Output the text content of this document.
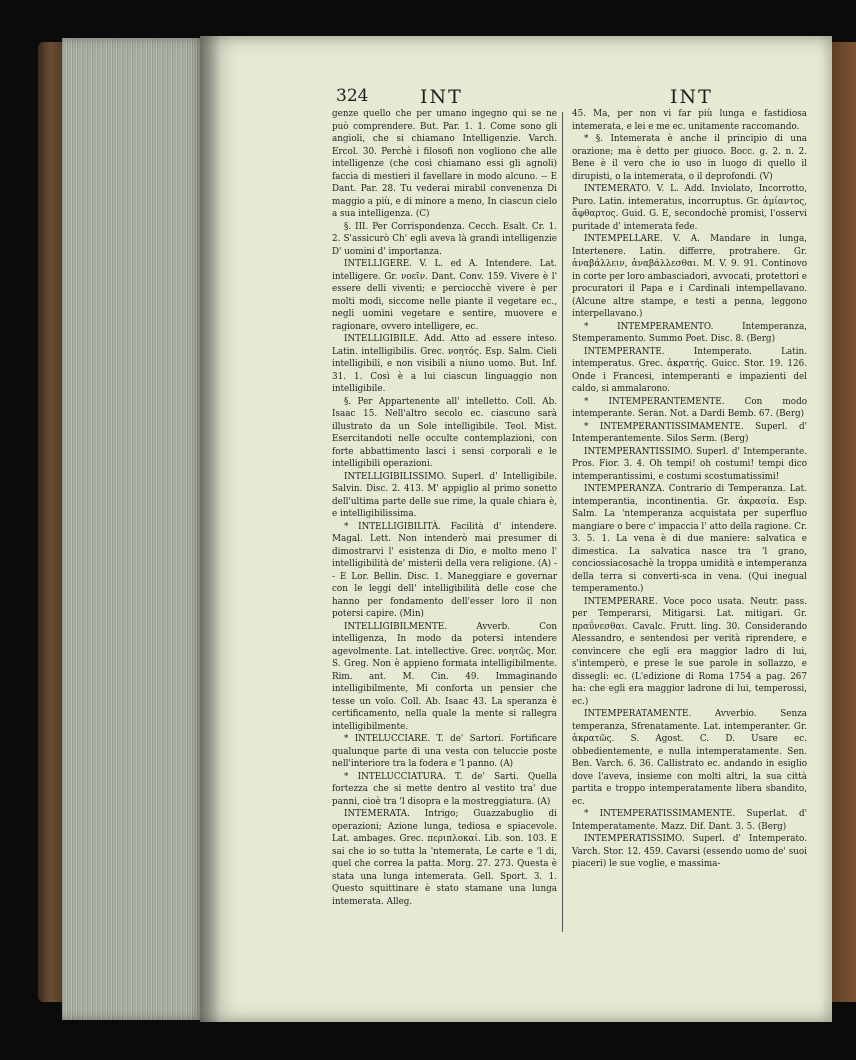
324	INT	INT

genze quello che per umano ingegno qui se ne può comprendere. But. Par. 1. 1. Come sono gli angioli, che si chiamano Intelligenzie. Varch. Ercol. 30. Perchè i filosofi non vogliono che alle intelligenze (che così chiamano essi gli agnoli) faccia di mestieri il favellare in modo alcuno. -- E Dant. Par. 28. Tu vederai mirabil convenenza Di maggio a più, e di minore a meno, In ciascun cielo a sua intelligenza. (C)

§. III. Per Corrispondenza. Cecch. Esalt. Cr. 1. 2. S'assicurò Ch' egli aveva là grandi intelligenzie D' uomini d' importanza.

INTELLIGERE. V. L. ed A. Intendere. Lat. intelligere. Gr. νοεῖν. Dant. Conv. 159. Vivere è l' essere delli viventi; e perciocchè vivere è per molti modi, siccome nelle piante il vegetare ec., negli uomini vegetare e sentire, muovere e ragionare, ovvero intelligere, ec.

INTELLIGIBILE. Add. Atto ad essere inteso. Latin. intelligibilis. Grec. νοητός. Esp. Salm. Cieli intelligibili, e non visibili a niuno uomo. But. Inf. 31. 1. Così è a lui ciascun linguaggio non intelligibile.

§. Per Appartenente all' intelletto. Coll. Ab. Isaac 15. Nell'altro secolo ec. ciascuno sarà illustrato da un Sole intelligibile. Teol. Mist. Esercitandoti nelle occulte contemplazioni, con forte abbattimento lasci i sensi corporali e le intelligibili operazioni.

INTELLIGIBILISSIMO. Superl. d' Intelligibile. Salvin. Disc. 2. 413. M' appiglio al primo sonetto dell'ultima parte delle sue rime, la quale chiara è, e intelligibilissima.

* INTELLIGIBILITÀ. Facilità d' intendere. Magal. Lett. Non intenderò mai presumer di dimostrarvi l' esistenza di Dio, e molto meno l' intelligibilità de' misterii della vera religione. (A) -- E Lor. Bellin. Disc. 1. Maneggiare e governar con le leggi dell' intelligibilità delle cose che hanno per fondamento dell'esser loro il non potersi capire. (Min)

INTELLIGIBILMENTE. Avverb. Con intelligenza, In modo da potersi intendere agevolmente. Lat. intellective. Grec. νοητῶς. Mor. S. Greg. Non è appieno formata intelligibilmente. Rim. ant. M. Cin. 49. Immaginando intelligibilmente, Mi conforta un pensier che tesse un volo. Coll. Ab. Isaac 43. La speranza è certificamento, nella quale la mente si rallegra intelligibilmente.

* INTELUCCIARE. T. de' Sartori. Fortificare qualunque parte di una vesta con teluccie poste nell'interiore tra la fodera e 'l panno. (A)

* INTELUCCIATURA. T. de' Sarti. Quella fortezza che si mette dentro al vestito tra' due panni, cioè tra 'l disopra e la mostreggiatura. (A)

INTEMERATA. Intrigo; Guazzabuglio di operazioni; Azione lunga, tediosa e spiacevole. Lat. ambages. Grec. περιπλοκαί. Lib. son. 103. E sai che io so tutta la 'ntemerata, Le carte e 'l di, quel che correa la patta. Morg. 27. 273. Questa è stata una lunga intemerata. Gell. Sport. 3. 1. Questo squittinare è stato stamane una lunga intemerata. Alleg.

45. Ma, per non vi far più lunga e fastidiosa intemerata, e lei e me ec. unitamente raccomando.

* §. Intemerata è anche il principio di una orazione; ma è detto per giuoco. Bocc. g. 2. n. 2. Bene è il vero che io uso in luogo di quello il dirupisti, o la intemerata, o il deprofondi. (V)

INTEMERATO. V. L. Add. Inviolato, Incorrotto, Puro. Latin. intemeratus, incorruptus. Gr. ἀμίαντος, ἄφθαρτος. Guid. G. E, secondochè promisi, l'osservi puritade d' intemerata fede.

INTEMPELLARE. V. A. Mandare in lunga, Intertenere. Latin. differre, protrahere. Gr. ἀναβάλλειν, ἀναβάλλεσθαι. M. V. 9. 91. Continovo in corte per loro ambasciadori, avvocati, protettori e procuratori il Papa e i Cardinali intempellavano. (Alcune altre stampe, e testi a penna, leggono interpellavano.)

* INTEMPERAMENTO. Intemperanza, Stemperamento. Summo Poet. Disc. 8. (Berg)

INTEMPERANTE. Intemperato. Latin. intemperatus. Grec. ἀκρατής. Guicc. Stor. 19. 126. Onde i Francesi, intemperanti e impazienti del caldo, si ammalarono.

* INTEMPERANTEMENTE. Con modo intemperante. Seran. Not. a Dardi Bemb. 67. (Berg)

* INTEMPERANTISSIMAMENTE. Superl. d' Intemperantemente. Silos Serm. (Berg)

INTEMPERANTISSIMO. Superl. d' Intemperante. Pros. Fior. 3. 4. Oh tempi! oh costumi! tempi dico intemperantissimi, e costumi scostumatissimi!

INTEMPERANZA. Contrario di Temperanza. Lat. intemperantia, incontinentia. Gr. ἀκρασία. Esp. Salm. La 'ntemperanza acquistata per superfluo mangiare o bere c' impaccia l' atto della ragione. Cr. 3. 5. 1. La vena è di due maniere: salvatica e dimestica. La salvatica nasce tra 'l grano, conciossiacosachè la troppa umidità e intemperanza della terra si converti-sca in vena. (Qui inegual temperamento.)

INTEMPERARE. Voce poco usata. Neutr. pass. per Temperarsi, Mitigarsi. Lat. mitigari. Gr. πραΰνεσθαι. Cavalc. Frutt. ling. 30. Considerando Alessandro, e sentendosi per verità riprendere, e convincere che egli era maggior ladro di lui, s'intemperò, e prese le sue parole in sollazzo, e dissegli: ec. (L'edizione di Roma 1754 a pag. 267 ha: che egli era maggior ladrone di lui, temperossi, ec.)

INTEMPERATAMENTE. Avverbio. Senza temperanza, Sfrenatamente. Lat. intemperanter. Gr. ἀκρατῶς. S. Agost. C. D. Usare ec. obbedientemente, e nulla intemperatamente. Sen. Ben. Varch. 6. 36. Callistrato ec. andando in esiglio dove l'aveva, insieme con molti altri, la sua città partita e troppo intemperatamente libera sbandito, ec.

* INTEMPERATISSIMAMENTE. Superlat. d' Intemperatamente. Mazz. Dif. Dant. 3. 5. (Berg)

INTEMPERATISSIMO. Superl. d' Intemperato. Varch. Stor. 12. 459. Cavarsi (essendo uomo de' suoi piaceri) le sue voglie, e massima-
